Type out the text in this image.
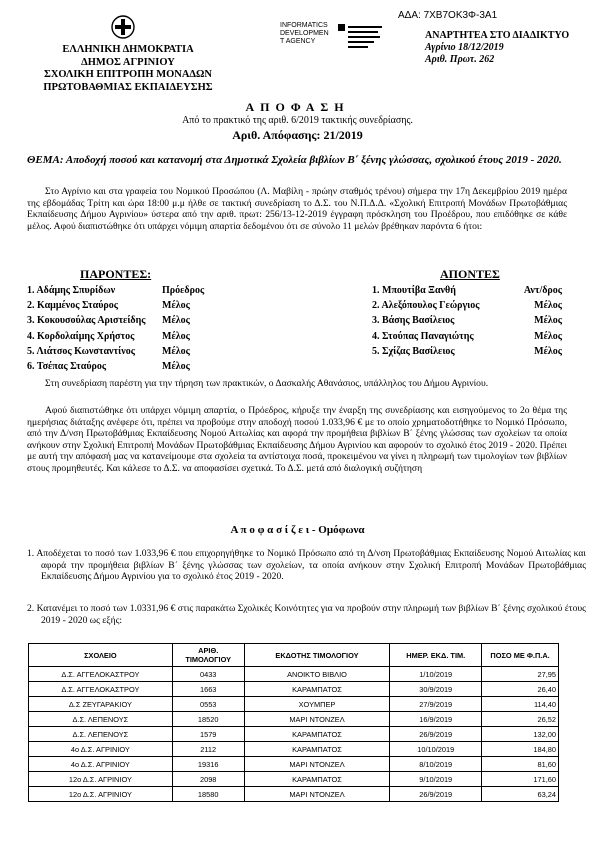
ΑΔΑ: 7ΧΒ7ΟΚ3Φ-3Α1
ΕΛΛΗΝΙΚΗ ΔΗΜΟΚΡΑΤΙΑ
ΔΗΜΟΣ ΑΓΡΙΝΙΟΥ
ΣΧΟΛΙΚΗ ΕΠΙΤΡΟΠΗ ΜΟΝΑΔΩΝ
ΠΡΩΤΟΒΑΘΜΙΑΣ ΕΚΠΑΙΔΕΥΣΗΣ
INFORMATICS
DEVELOPMEN
T AGENCY
ΑΝΑΡΤΗΤΕΑ ΣΤΟ ΔΙΑΔΙΚΤΥΟ
Αγρίνιο 18/12/2019
Αριθ. Πρωτ. 262
ΑΠΟΦΑΣΗ
Από το πρακτικό της αριθ. 6/2019 τακτικής συνεδρίασης.
Αριθ. Απόφασης: 21/2019
ΘΕΜΑ: Αποδοχή ποσού και κατανομή στα Δημοτικά Σχολεία βιβλίων Β΄ ξένης γλώσσας, σχολικού έτους 2019 - 2020.
Στο Αγρίνιο και στα γραφεία του Νομικού Προσώπου (Λ. Μαβίλη - πρώην σταθμός τρένου) σήμερα την 17η Δεκεμβρίου 2019 ημέρα της εβδομάδας Τρίτη και ώρα 18:00 μ.μ ήλθε σε τακτική συνεδρίαση το Δ.Σ. του Ν.Π.Δ.Δ. «Σχολική Επιτροπή Μονάδων Πρωτοβάθμιας Εκπαίδευσης Δήμου Αγρινίου» ύστερα από την αριθ. πρωτ: 256/13-12-2019 έγγραφη πρόσκληση του Προέδρου, που επιδόθηκε σε κάθε μέλος. Αφού διαπιστώθηκε ότι υπάρχει νόμιμη απαρτία δεδομένου ότι σε σύνολο 11 μελών βρέθηκαν παρόντα 6 ήτοι:
ΠΑΡΟΝΤΕΣ:	ΑΠΟΝΤΕΣ
1. Αδάμης Σπυρίδων	Πρόεδρος
2. Καμμένος Σταύρος	Μέλος
3. Κοκουσούλας Αριστείδης	Μέλος
4. Κορδολαίμης Χρήστος	Μέλος
5. Λιάτσος Κωνσταντίνος	Μέλος
6. Τσέπας Σταύρος	Μέλος
1. Μπουτίβα Ξανθή	Αντ/δρος
2. Αλεξόπουλος Γεώργιος	Μέλος
3. Βάσης Βασίλειος	Μέλος
4. Στούπας Παναγιώτης	Μέλος
5. Σχίζας Βασίλειος	Μέλος
Στη συνεδρίαση παρέστη για την τήρηση των πρακτικών, ο Δασκαλής Αθανάσιος, υπάλληλος του Δήμου Αγρινίου.
Αφού διαπιστώθηκε ότι υπάρχει νόμιμη απαρτία, ο Πρόεδρος, κήρυξε την έναρξη της συνεδρίασης και εισηγούμενος το 2ο θέμα της ημερήσιας διάταξης ανέφερε ότι, πρέπει να προβούμε στην αποδοχή ποσού 1.033,96 € με το οποίο χρηματοδοτήθηκε το Νομικό Πρόσωπο, από την Δ/νση Πρωτοβάθμιας Εκπαίδευσης Νομού Αιτωλίας και αφορά την προμήθεια βιβλίων Β΄ ξένης γλώσσας των σχολείων τα οποία ανήκουν στην Σχολική Επιτροπή Μονάδων Πρωτοβάθμιας Εκπαίδευσης Δήμου Αγρινίου και αφορούν το σχολικό έτος 2019 - 2020. Πρέπει με αυτή την απόφασή μας να κατανείμουμε στα σχολεία τα αντίστοιχα ποσά, προκειμένου να γίνει η πληρωμή των τιμολογίων των βιβλίων στους προμηθευτές. Και κάλεσε το Δ.Σ. να αποφασίσει σχετικά. Το Δ.Σ. μετά από διαλογική συζήτηση
Α π ο φ α σ ί ζ ε ι - Ομόφωνα
1. Αποδέχεται το ποσό των 1.033,96 € που επιχορηγήθηκε το Νομικό Πρόσωπο από τη Δ/νση Πρωτοβάθμιας Εκπαίδευσης Νομού Αιτωλίας και αφορά την προμήθεια βιβλίων Β΄ ξένης γλώσσας των σχολείων, τα οποία ανήκουν στην Σχολική Επιτροπή Μονάδων Πρωτοβάθμιας Εκπαίδευσης Δήμου Αγρινίου για το σχολικό έτος 2019 - 2020.
2. Κατανέμει το ποσό των 1.0331,96 € στις παρακάτω Σχολικές Κοινότητες για να προβούν στην πληρωμή των βιβλίων Β΄ ξένης σχολικού έτους 2019 - 2020 ως εξής:
ΣΧΟΛΕΙΟ	ΑΡΙΘ. ΤΙΜΟΛΟΓΙΟΥ	ΕΚΔΟΤΗΣ ΤΙΜΟΛΟΓΙΟΥ	ΗΜΕΡ. ΕΚΔ. ΤΙΜ.	ΠΟΣΟ ΜΕ Φ.Π.Α.
Δ.Σ. ΑΓΓΕΛΟΚΑΣΤΡΟΥ	0433	ΑΝΟΙΚΤΟ ΒΙΒΛΙΟ	1/10/2019	27,95
Δ.Σ. ΑΓΓΕΛΟΚΑΣΤΡΟΥ	1663	ΚΑΡΑΜΠΑΤΟΣ	30/9/2019	26,40
Δ.Σ ΖΕΥΓΑΡΑΚΙΟΥ	0553	ΧΟΥΜΠΕΡ	27/9/2019	114,40
Δ.Σ. ΛΕΠΕΝΟΥΣ	18520	ΜΑΡΙ ΝΤΟΝΖΕΛ	16/9/2019	26,52
Δ.Σ. ΛΕΠΕΝΟΥΣ	1579	ΚΑΡΑΜΠΑΤΟΣ	26/9/2019	132,00
4ο Δ.Σ. ΑΓΡΙΝΙΟΥ	2112	ΚΑΡΑΜΠΑΤΟΣ	10/10/2019	184,80
4ο Δ.Σ. ΑΓΡΙΝΙΟΥ	19316	ΜΑΡΙ ΝΤΟΝΖΕΛ	8/10/2019	81,60
12ο Δ.Σ. ΑΓΡΙΝΙΟΥ	2098	ΚΑΡΑΜΠΑΤΟΣ	9/10/2019	171,60
12ο Δ.Σ. ΑΓΡΙΝΙΟΥ	18580	ΜΑΡΙ ΝΤΟΝΖΕΛ	26/9/2019	63,24
